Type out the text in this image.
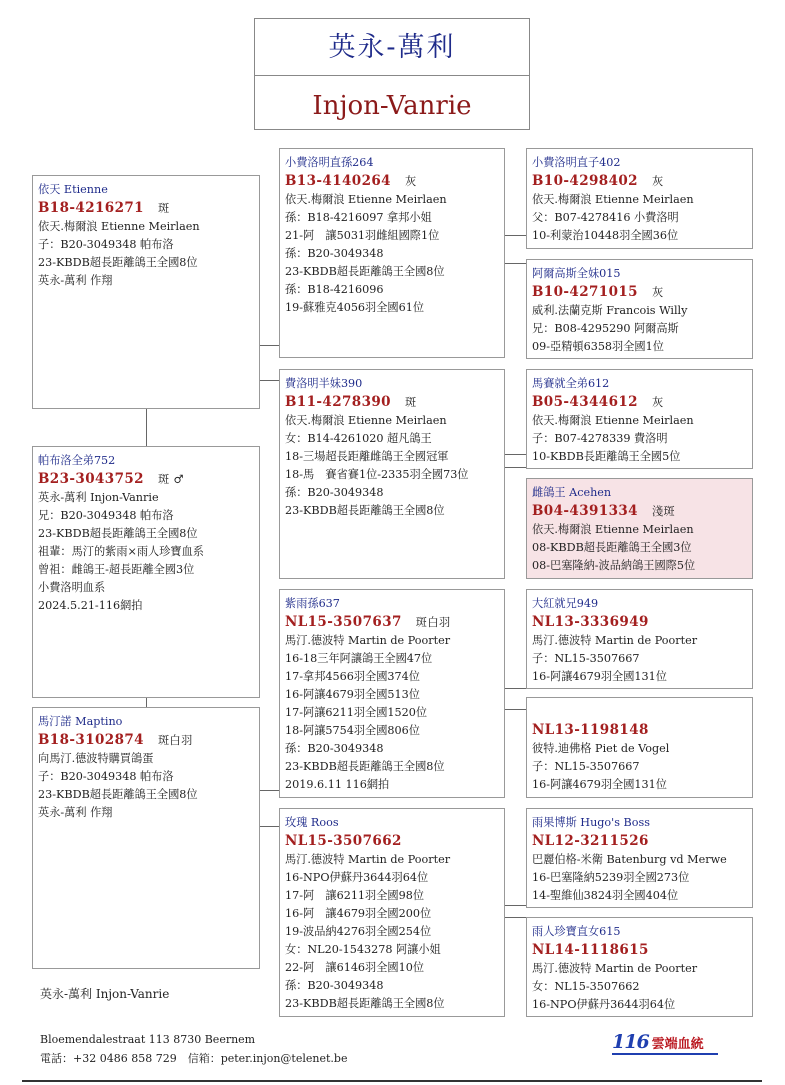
英永-萬利
Injon-Vanrie
依天 Etienne
B18-4216271 斑
依天.梅爾浪 Etienne Meirlaen
子：B20-3049348 帕布洛
23-KBDB超長距離鴿王全國8位
英永-萬利 作翔
帕布洛全弟752
B23-3043752 斑 ♂
英永-萬利 Injon-Vanrie
兄：B20-3049348 帕布洛
23-KBDB超長距離鴿王全國8位
祖輩：馬汀的紫雨×雨人珍寶血系
曾祖：雌鴿王-超長距離全國3位
小費洛明血系
2024.5.21-116網拍
馬汀諾 Maptino
B18-3102874 斑白羽
向馬汀.德波特購買鴿蛋
子：B20-3049348 帕布洛
23-KBDB超長距離鴿王全國8位
英永-萬利 作翔
小費洛明直孫264
B13-4140264 灰
依天.梅爾浪 Etienne Meirlaen
孫：B18-4216097 拿邦小姐
21-阿　讓5031羽雌組國際1位
孫：B20-3049348
23-KBDB超長距離鴿王全國8位
孫：B18-4216096
19-蘇雅克4056羽全國61位
費洛明半妹390
B11-4278390 斑
依天.梅爾浪 Etienne Meirlaen
女：B14-4261020 超凡鴿王
18-三場超長距離雌鴿王全國冠軍
18-馬　賽省賽1位-2335羽全國73位
孫：B20-3049348
23-KBDB超長距離鴿王全國8位
紫雨孫637
NL15-3507637 斑白羽
馬汀.德波特 Martin de Poorter
16-18三年阿讓鴿王全國47位
17-拿邦4566羽全國374位
16-阿讓4679羽全國513位
17-阿讓6211羽全國1520位
18-阿讓5754羽全國806位
孫：B20-3049348
23-KBDB超長距離鴿王全國8位
2019.6.11 116網拍
玫瑰 Roos
NL15-3507662
馬汀.德波特 Martin de Poorter
16-NPO伊蘇丹3644羽64位
17-阿　讓6211羽全國98位
16-阿　讓4679羽全國200位
19-波品納4276羽全國254位
女：NL20-1543278 阿讓小姐
22-阿　讓6146羽全國10位
孫：B20-3049348
23-KBDB超長距離鴿王全國8位
小費洛明直子402
B10-4298402 灰
依天.梅爾浪 Etienne Meirlaen
父：B07-4278416 小費洛明
10-利蒙治10448羽全國36位
阿爾高斯全妹015
B10-4271015 灰
威利.法蘭克斯 Francois Willy
兄：B08-4295290 阿爾高斯
09-亞精頓6358羽全國1位
馬賽就全弟612
B05-4344612 灰
依天.梅爾浪 Etienne Meirlaen
子：B07-4278339 費洛明
10-KBDB長距離鴿王全國5位
雌鴿王 Acehen
B04-4391334 淺斑
依天.梅爾浪 Etienne Meirlaen
08-KBDB超長距離鴿王全國3位
08-巴塞隆納-波品納鴿王國際5位
大紅就兄949
NL13-3336949
馬汀.德波特 Martin de Poorter
子：NL15-3507667
16-阿讓4679羽全國131位
NL13-1198148
彼特.迪佛格 Piet de Vogel
子：NL15-3507667
16-阿讓4679羽全國131位
雨果博斯 Hugo's Boss
NL12-3211526
巴麗伯格-米衛 Batenburg vd Merwe
16-巴塞隆納5239羽全國273位
14-聖維仙3824羽全國404位
雨人珍寶直女615
NL14-1118615
馬汀.德波特 Martin de Poorter
女：NL15-3507662
16-NPO伊蘇丹3644羽64位
英永-萬利 Injon-Vanrie
Bloemendalestraat 113 8730 Beernem
電話：+32 0486 858 729　信箱：peter.injon@telenet.be
116 雲端血統
